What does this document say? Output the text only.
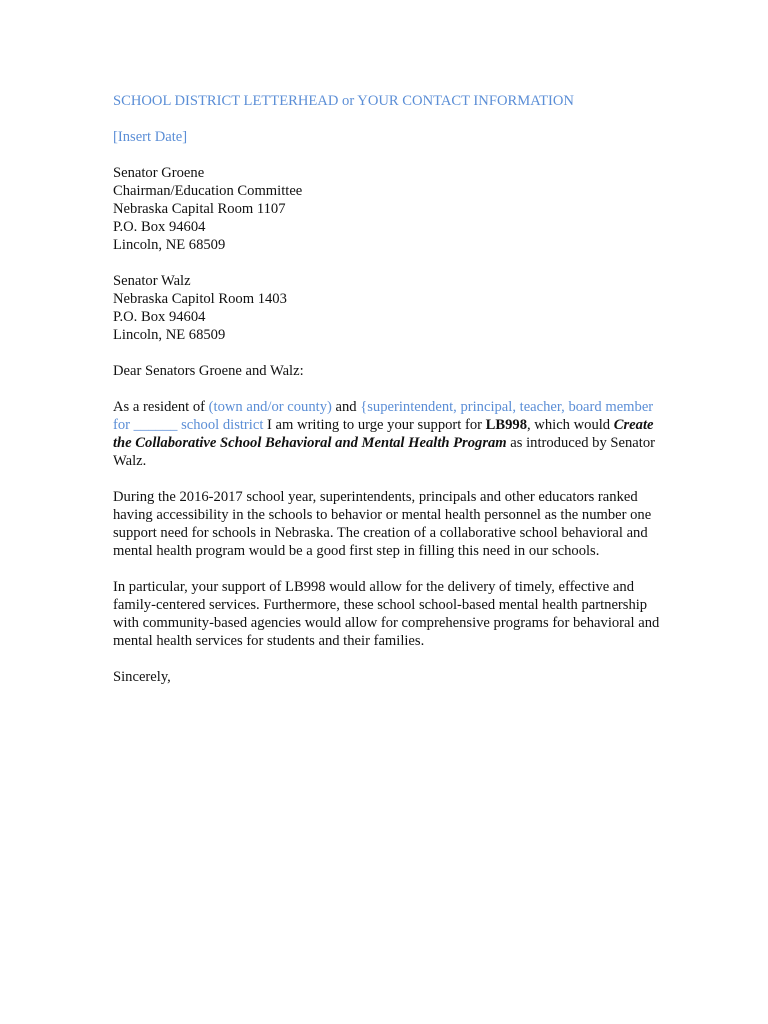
SCHOOL DISTRICT LETTERHEAD or YOUR CONTACT INFORMATION

[Insert Date]

Senator Groene
Chairman/Education Committee
Nebraska Capital Room 1107
P.O. Box 94604
Lincoln, NE 68509
Senator Walz
Nebraska Capitol Room 1403
P.O. Box 94604
Lincoln, NE 68509

Dear Senators Groene and Walz:

As a resident of (town and/or county) and {superintendent, principal, teacher, board member for ______ school district I am writing to urge your support for LB998, which would Create the Collaborative School Behavioral and Mental Health Program as introduced by Senator Walz.

During the 2016-2017 school year, superintendents, principals and other educators ranked having accessibility in the schools to behavior or mental health personnel as the number one support need for schools in Nebraska. The creation of a collaborative school behavioral and mental health program would be a good first step in filling this need in our schools.

In particular, your support of LB998 would allow for the delivery of timely, effective and family-centered services. Furthermore, these school school-based mental health partnership with community-based agencies would allow for comprehensive programs for behavioral and mental health services for students and their families.

Sincerely,
